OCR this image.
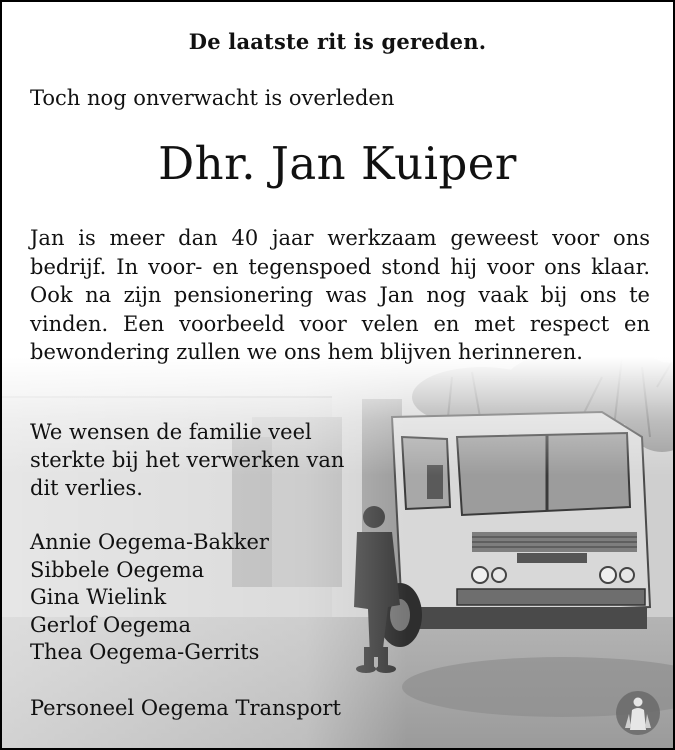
De laatste rit is gereden.
Toch nog onverwacht is overleden
Dhr. Jan Kuiper
Jan is meer dan 40 jaar werkzaam geweest voor ons bedrijf. In voor- en tegenspoed stond hij voor ons klaar. Ook na zijn pensionering was Jan nog vaak bij ons te vinden. Een voorbeeld voor velen en met respect en bewondering zullen we ons hem blijven herinneren.
We wensen de familie veel sterkte bij het verwerken van dit verlies.
Annie Oegema-Bakker
Sibbele Oegema
Gina Wielink
Gerlof Oegema
Thea Oegema-Gerrits
Personeel Oegema Transport
